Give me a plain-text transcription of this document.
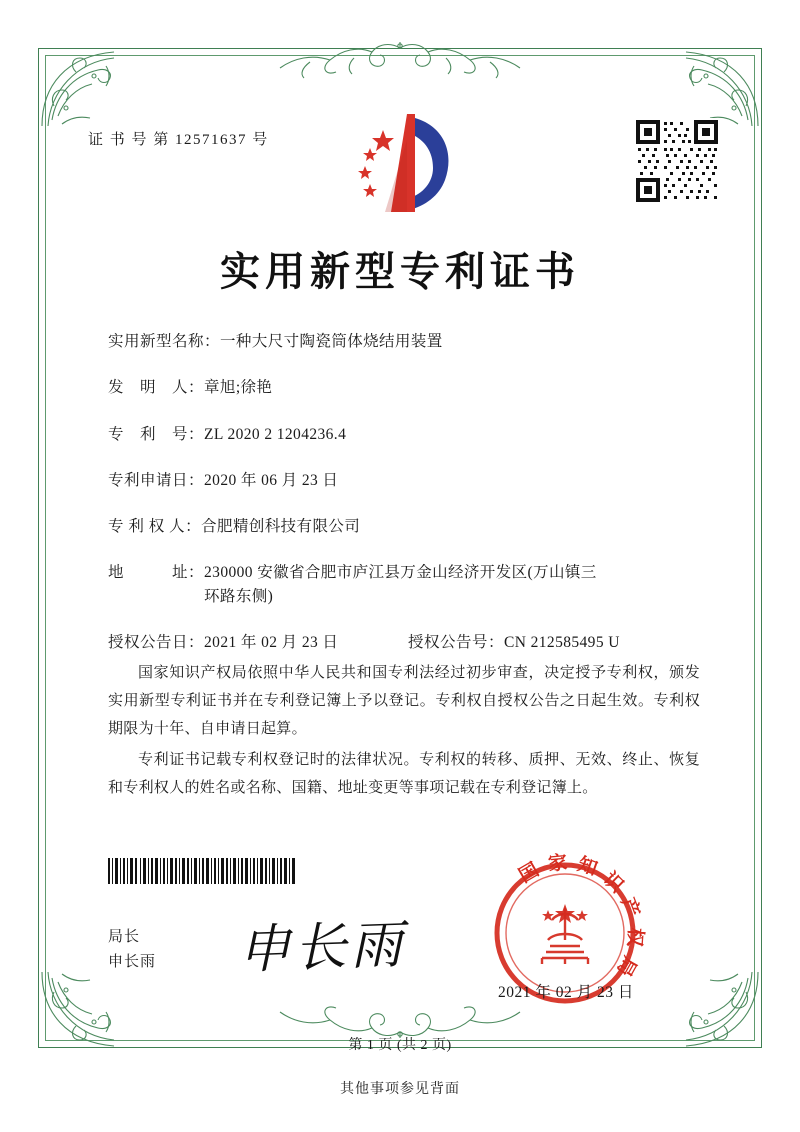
证 书 号 第 12571637 号
实用新型专利证书
实用新型名称： 一种大尺寸陶瓷筒体烧结用装置
发　明　人： 章旭;徐艳
专　利　号： ZL 2020 2 1204236.4
专利申请日： 2020 年 06 月 23 日
专 利 权 人： 合肥精创科技有限公司
地　　　址： 230000 安徽省合肥市庐江县万金山经济开发区(万山镇三
环路东侧)
授权公告日： 2021 年 02 月 23 日	授权公告号： CN 212585495 U

国家知识产权局依照中华人民共和国专利法经过初步审查，决定授予专利权，颁发实用新型专利证书并在专利登记簿上予以登记。专利权自授权公告之日起生效。专利权期限为十年、自申请日起算。

专利证书记载专利权登记时的法律状况。专利权的转移、质押、无效、终止、恢复和专利权人的姓名或名称、国籍、地址变更等事项记载在专利登记簿上。

局长
申长雨 申长雨
国 家 知 识 产 权 局
2021 年 02 月 23 日
第 1 页 (共 2 页)
其他事项参见背面
